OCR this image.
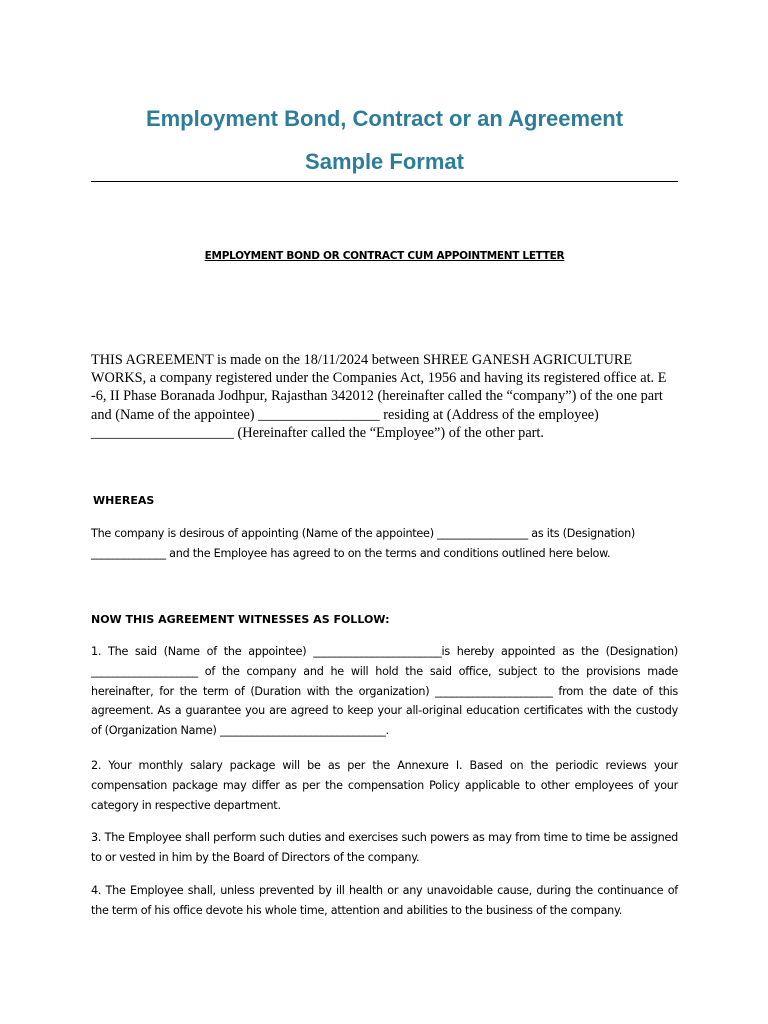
Employment Bond, Contract or an Agreement
Sample Format
EMPLOYMENT BOND OR CONTRACT CUM APPOINTMENT LETTER

THIS AGREEMENT is made on the 18/11/2024 between SHREE GANESH AGRICULTURE WORKS, a company registered under the Companies Act, 1956 and having its registered office at. E -6, II Phase Boranada Jodhpur, Rajasthan 342012 (hereinafter called the “company”) of the one part and (Name of the appointee) _________________ residing at (Address of the employee) ____________________ (Hereinafter called the “Employee”) of the other part.

WHEREAS

The company is desirous of appointing (Name of the appointee) _________________ as its (Designation) ______________ and the Employee has agreed to on the terms and conditions outlined here below.

NOW THIS AGREEMENT WITNESSES AS FOLLOW:

1. The said (Name of the appointee) ________________________is hereby appointed as the (Designation) ____________________ of the company and he will hold the said office, subject to the provisions made hereinafter, for the term of (Duration with the organization) ______________________ from the date of this agreement. As a guarantee you are agreed to keep your all-original education certificates with the custody of (Organization Name) _______________________________.

2. Your monthly salary package will be as per the Annexure I. Based on the periodic reviews your compensation package may differ as per the compensation Policy applicable to other employees of your category in respective department.

3. The Employee shall perform such duties and exercises such powers as may from time to time be assigned to or vested in him by the Board of Directors of the company.

4. The Employee shall, unless prevented by ill health or any unavoidable cause, during the continuance of the term of his office devote his whole time, attention and abilities to the business of the company.
